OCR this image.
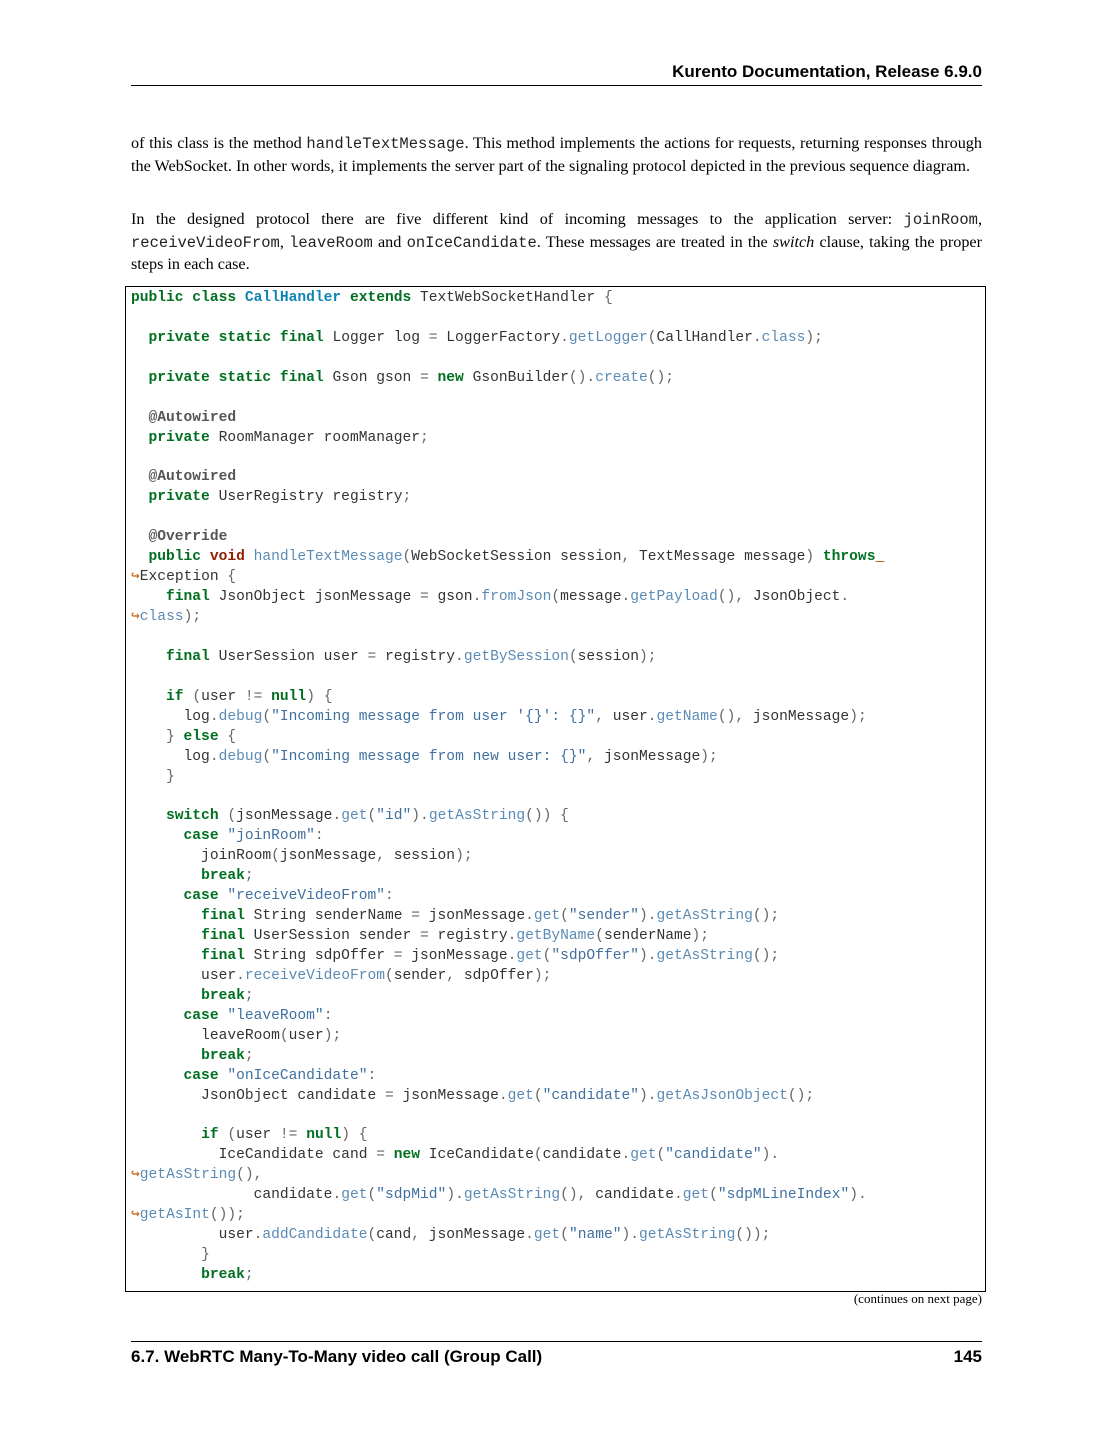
Kurento Documentation, Release 6.9.0
of this class is the method handleTextMessage. This method implements the actions for requests, returning responses through the WebSocket. In other words, it implements the server part of the signaling protocol depicted in the previous sequence diagram.
In the designed protocol there are five different kind of incoming messages to the application server: joinRoom, receiveVideoFrom, leaveRoom and onIceCandidate. These messages are treated in the switch clause, taking the proper steps in each case.
public class CallHandler extends TextWebSocketHandler {

private static final Logger log = LoggerFactory.getLogger(CallHandler.class);

private static final Gson gson = new GsonBuilder().create();

@Autowired
private RoomManager roomManager;

@Autowired
private UserRegistry registry;

@Override
public void handleTextMessage(WebSocketSession session, TextMessage message) throws
↪Exception {
final JsonObject jsonMessage = gson.fromJson(message.getPayload(), JsonObject.
↪class);

final UserSession user = registry.getBySession(session);

if (user != null) {
log.debug("Incoming message from user '{}': {}", user.getName(), jsonMessage);
} else {
log.debug("Incoming message from new user: {}", jsonMessage);
}

switch (jsonMessage.get("id").getAsString()) {
case "joinRoom":
joinRoom(jsonMessage, session);
break;
case "receiveVideoFrom":
final String senderName = jsonMessage.get("sender").getAsString();
final UserSession sender = registry.getByName(senderName);
final String sdpOffer = jsonMessage.get("sdpOffer").getAsString();
user.receiveVideoFrom(sender, sdpOffer);
break;
case "leaveRoom":
leaveRoom(user);
break;
case "onIceCandidate":
JsonObject candidate = jsonMessage.get("candidate").getAsJsonObject();

if (user != null) {
IceCandidate cand = new IceCandidate(candidate.get("candidate").
↪getAsString(),
candidate.get("sdpMid").getAsString(), candidate.get("sdpMLineIndex").
↪getAsInt());
user.addCandidate(cand, jsonMessage.get("name").getAsString());
}
break;
(continues on next page)
6.7. WebRTC Many-To-Many video call (Group Call)	145
